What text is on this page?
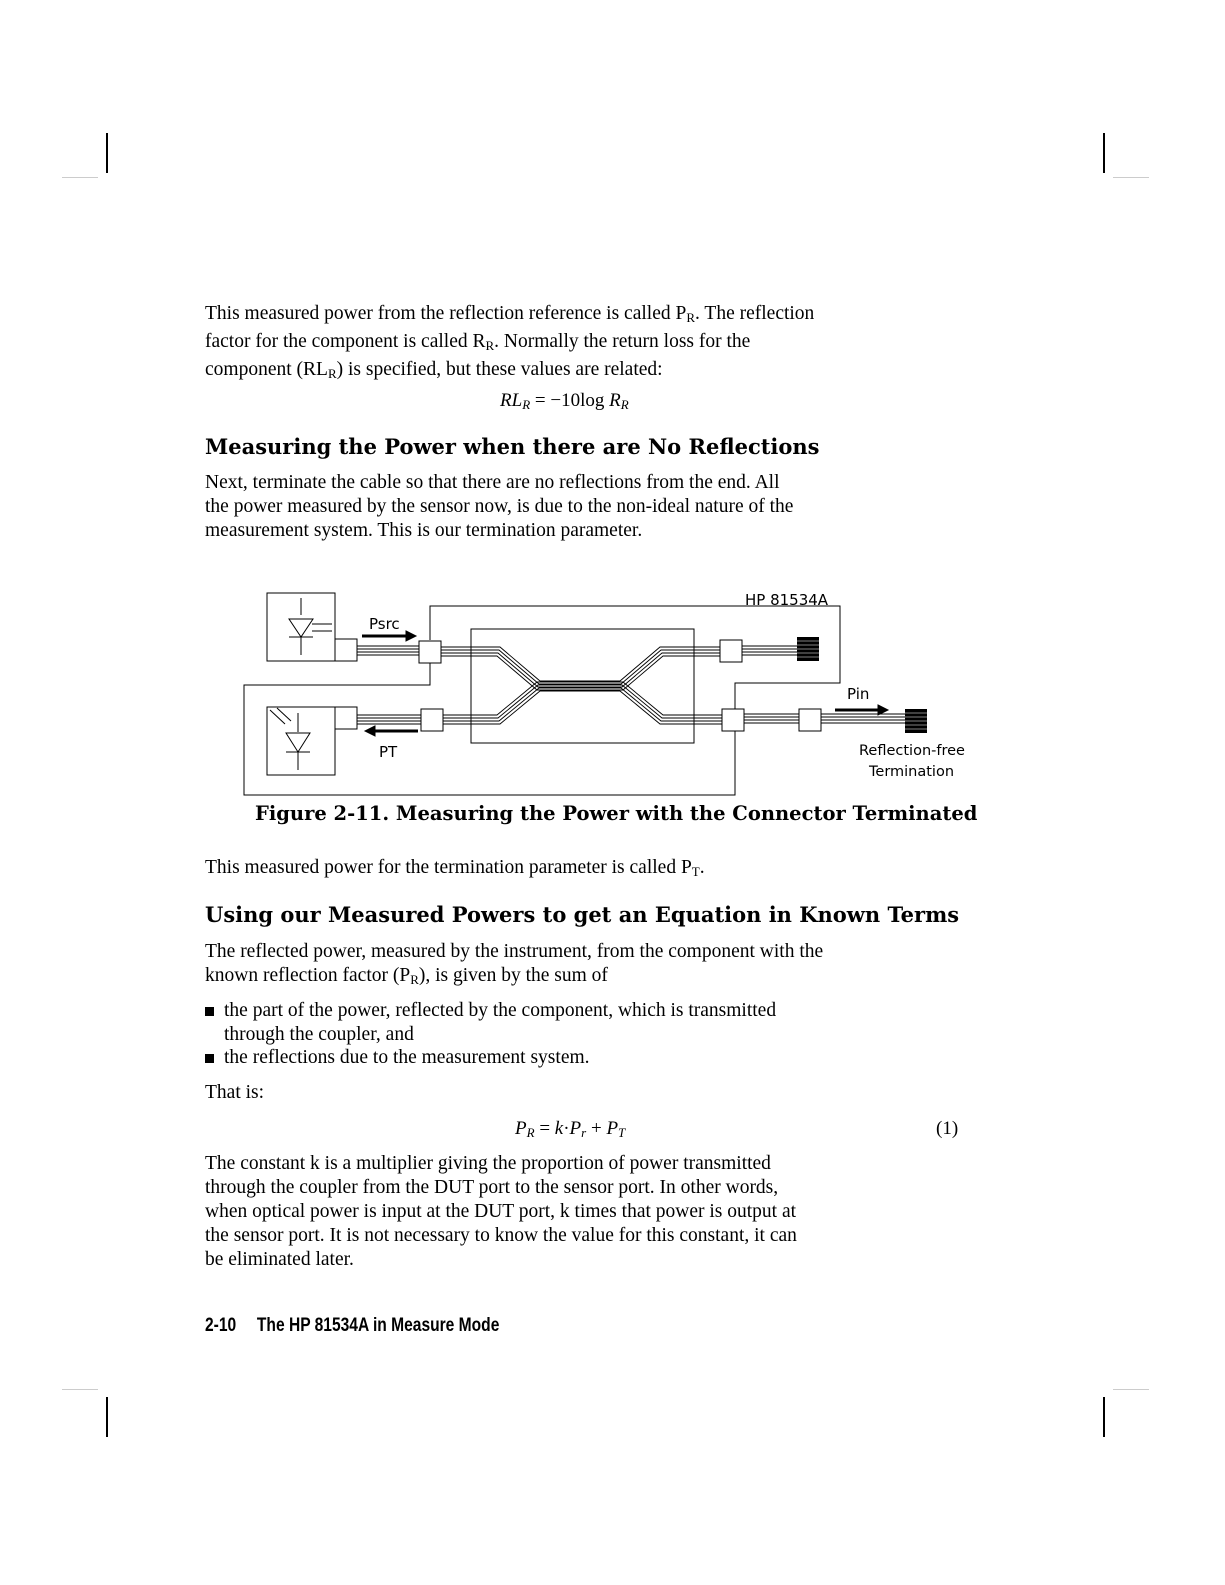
This measured power from the reflection reference is called $P_R$. The reflection
factor for the component is called $R_R$. Normally the return loss for the
component $(RL_R)$ is specified, but these values are related:
$RL_R = -10\log$ $R_R$
Measuring the Power when there are No Reflections
Next, terminate the cable so that there are no reflections from the end. All
the power measured by the sensor now, is due to the non-ideal nature of the
measurement system. This is our termination parameter.
HP 81534A
Psrc
PT
Pin
Reflection-free
Termination
Figure 2-11. Measuring the Power with the Connector Terminated
This measured power for the termination parameter is called $P_T$.
Using our Measured Powers to get an Equation in Known Terms
The reflected power, measured by the instrument, from the component with the
known reflection factor $(P_R)$, is given by the sum of
the part of the power, reflected by the component, which is transmitted
through the coupler, and
the reflections due to the measurement system.
That is:
$P_R = k\cdot P_r + P_T$	(1)
The constant k is a multiplier giving the proportion of power transmitted
through the coupler from the DUT port to the sensor port. In other words,
when optical power is input at the DUT port, k times that power is output at
the sensor port. It is not necessary to know the value for this constant, it can
be eliminated later.
2-10 The HP 81534A in Measure Mode
